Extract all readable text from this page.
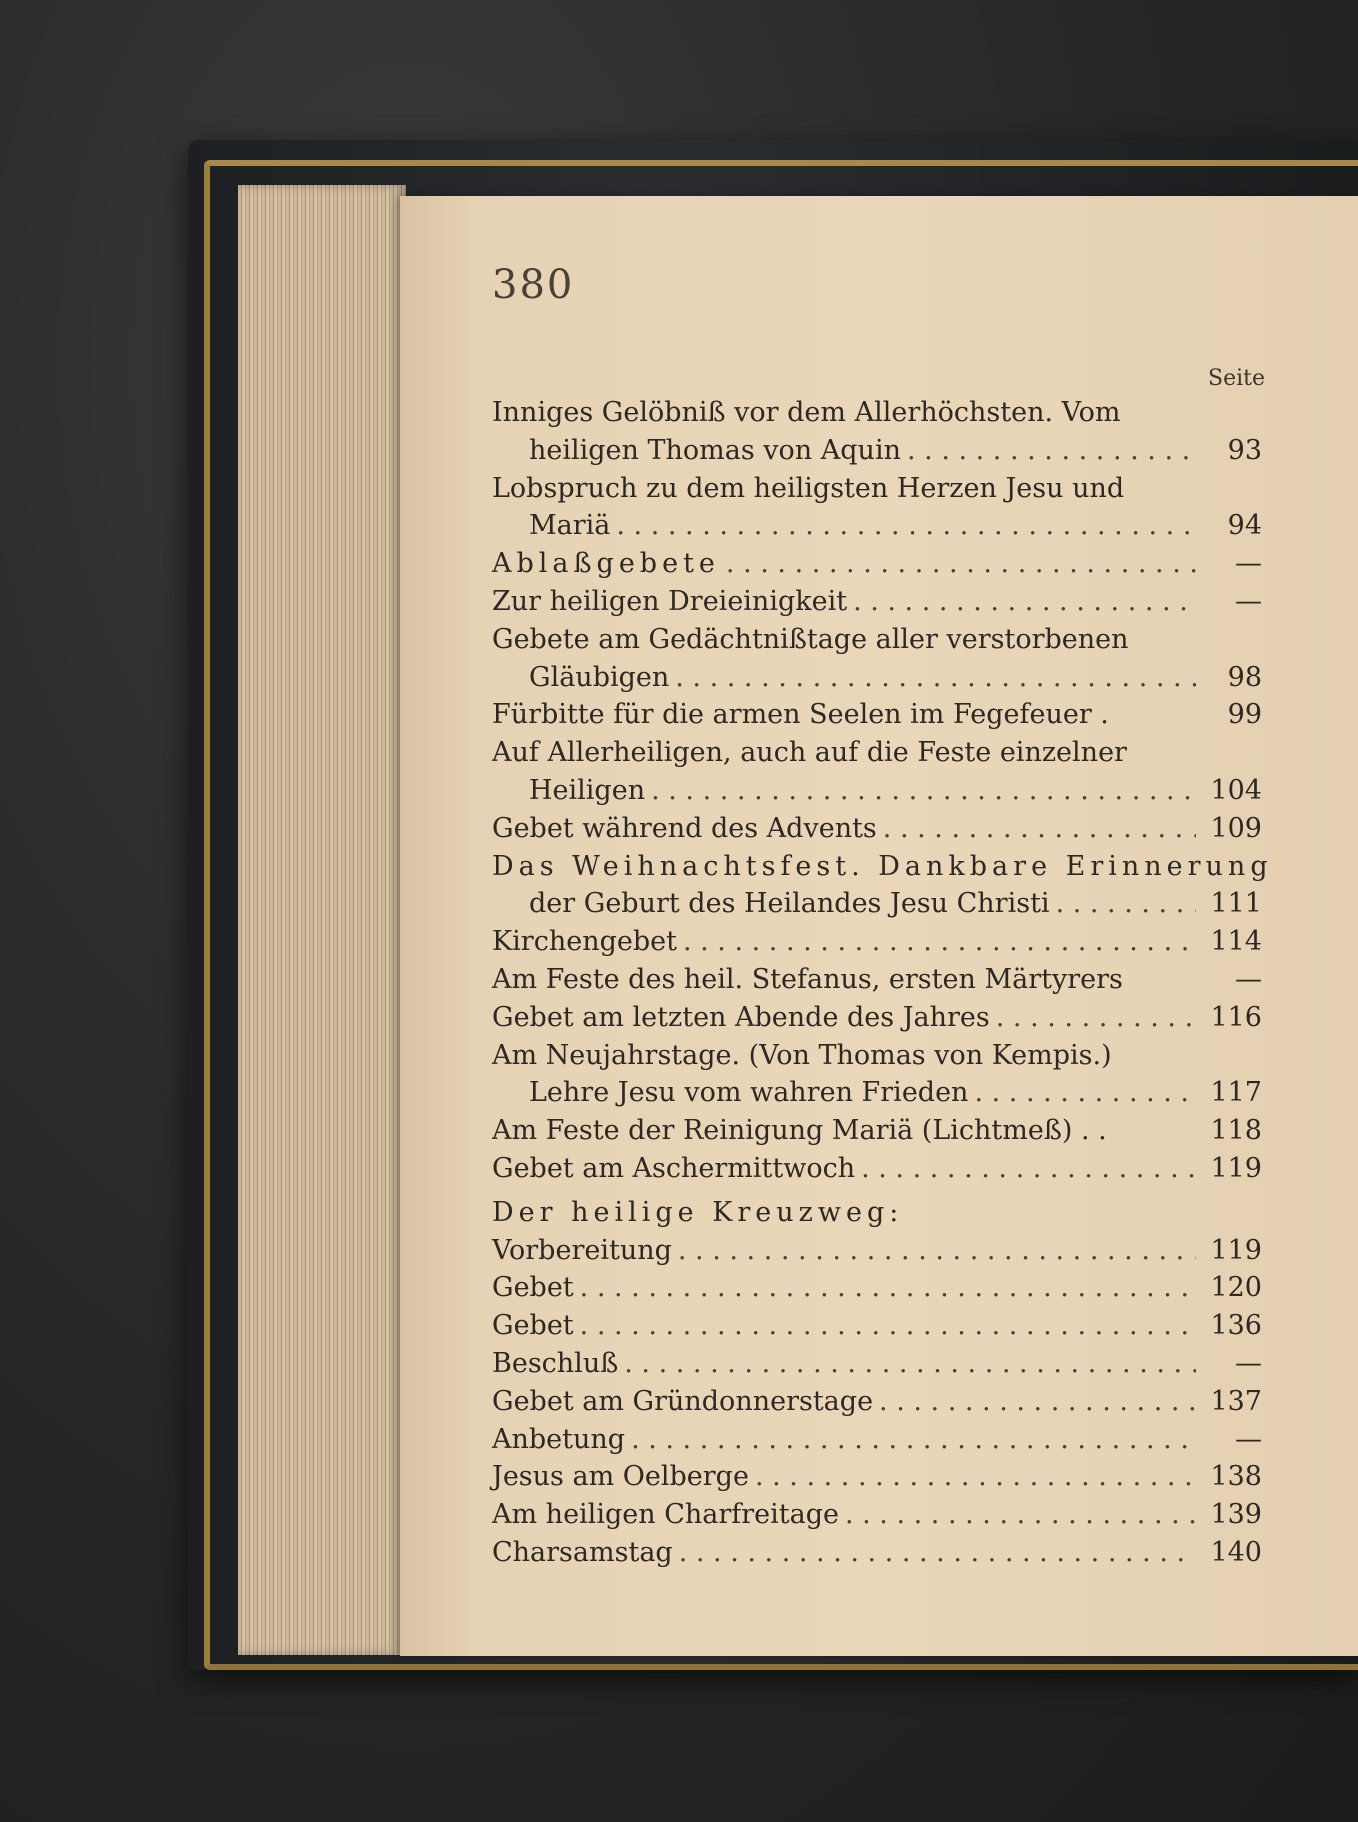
380
Seite
Inniges Gelöbniß vor dem Allerhöchsten. Vom
heiligen Thomas von Aquin . . .	93
Lobspruch zu dem heiligsten Herzen Jesu und
Mariä . . .	94
Ablaßgebete . . .	—
Zur heiligen Dreieinigkeit . . .	—
Gebete am Gedächtnißtage aller verstorbenen
Gläubigen . . .	98
Fürbitte für die armen Seelen im Fegefeuer .	99
Auf Allerheiligen, auch auf die Feste einzelner
Heiligen . . .	104
Gebet während des Advents . . .	109
Das Weihnachtsfest. Dankbare Erinnerung
der Geburt des Heilandes Jesu Christi . . .	111
Kirchengebet . . .	114
Am Feste des heil. Stefanus, ersten Märtyrers	—
Gebet am letzten Abende des Jahres . . .	116
Am Neujahrstage. (Von Thomas von Kempis.)
Lehre Jesu vom wahren Frieden . . .	117
Am Feste der Reinigung Mariä (Lichtmeß) . .	118
Gebet am Aschermittwoch . . .	119
Der heilige Kreuzweg:
Vorbereitung . . .	119
Gebet . . .	120
Gebet . . .	136
Beschluß . . .	—
Gebet am Gründonnerstage . . .	137
Anbetung . . .	—
Jesus am Oelberge . . .	138
Am heiligen Charfreitage . . .	139
Charsamstag . . .	140
